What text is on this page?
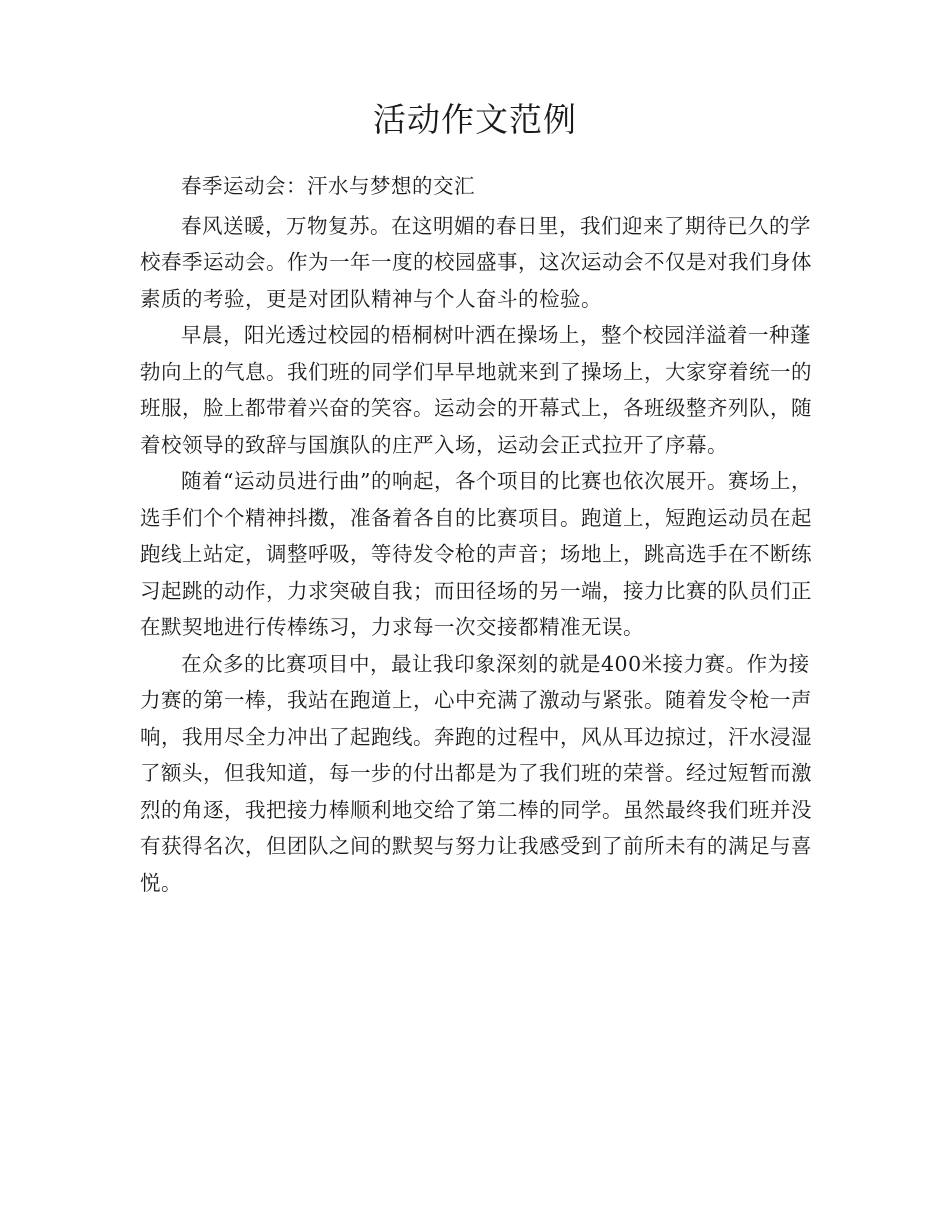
活动作文范例

春季运动会：汗水与梦想的交汇

春风送暖，万物复苏。在这明媚的春日里，我们迎来了期待已久的学校春季运动会。作为一年一度的校园盛事，这次运动会不仅是对我们身体素质的考验，更是对团队精神与个人奋斗的检验。

早晨，阳光透过校园的梧桐树叶洒在操场上，整个校园洋溢着一种蓬勃向上的气息。我们班的同学们早早地就来到了操场上，大家穿着统一的班服，脸上都带着兴奋的笑容。运动会的开幕式上，各班级整齐列队，随着校领导的致辞与国旗队的庄严入场，运动会正式拉开了序幕。

随着“运动员进行曲”的响起，各个项目的比赛也依次展开。赛场上，选手们个个精神抖擞，准备着各自的比赛项目。跑道上，短跑运动员在起跑线上站定，调整呼吸，等待发令枪的声音；场地上，跳高选手在不断练习起跳的动作，力求突破自我；而田径场的另一端，接力比赛的队员们正在默契地进行传棒练习，力求每一次交接都精准无误。

在众多的比赛项目中，最让我印象深刻的就是400米接力赛。作为接力赛的第一棒，我站在跑道上，心中充满了激动与紧张。随着发令枪一声响，我用尽全力冲出了起跑线。奔跑的过程中，风从耳边掠过，汗水浸湿了额头，但我知道，每一步的付出都是为了我们班的荣誉。经过短暂而激烈的角逐，我把接力棒顺利地交给了第二棒的同学。虽然最终我们班并没有获得名次，但团队之间的默契与努力让我感受到了前所未有的满足与喜悦。
